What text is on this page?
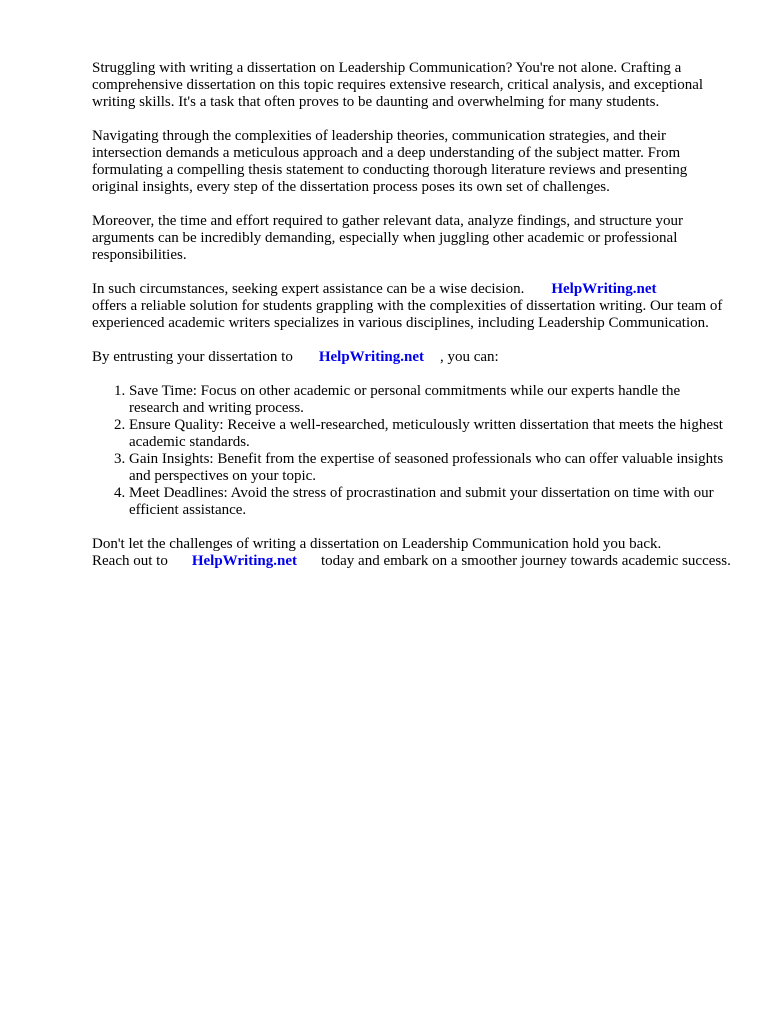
Struggling with writing a dissertation on Leadership Communication? You're not alone. Crafting a comprehensive dissertation on this topic requires extensive research, critical analysis, and exceptional writing skills. It's a task that often proves to be daunting and overwhelming for many students.

Navigating through the complexities of leadership theories, communication strategies, and their intersection demands a meticulous approach and a deep understanding of the subject matter. From formulating a compelling thesis statement to conducting thorough literature reviews and presenting original insights, every step of the dissertation process poses its own set of challenges.

Moreover, the time and effort required to gather relevant data, analyze findings, and structure your arguments can be incredibly demanding, especially when juggling other academic or professional responsibilities.

In such circumstances, seeking expert assistance can be a wise decision. HelpWriting.net
offers a reliable solution for students grappling with the complexities of dissertation writing. Our team of experienced academic writers specializes in various disciplines, including Leadership Communication.

By entrusting your dissertation to HelpWriting.net , you can:

1. Save Time: Focus on other academic or personal commitments while our experts handle the research and writing process.
2. Ensure Quality: Receive a well-researched, meticulously written dissertation that meets the highest academic standards.
3. Gain Insights: Benefit from the expertise of seasoned professionals who can offer valuable insights and perspectives on your topic.
4. Meet Deadlines: Avoid the stress of procrastination and submit your dissertation on time with our efficient assistance.

Don't let the challenges of writing a dissertation on Leadership Communication hold you back.
Reach out to HelpWriting.net today and embark on a smoother journey towards academic success.
